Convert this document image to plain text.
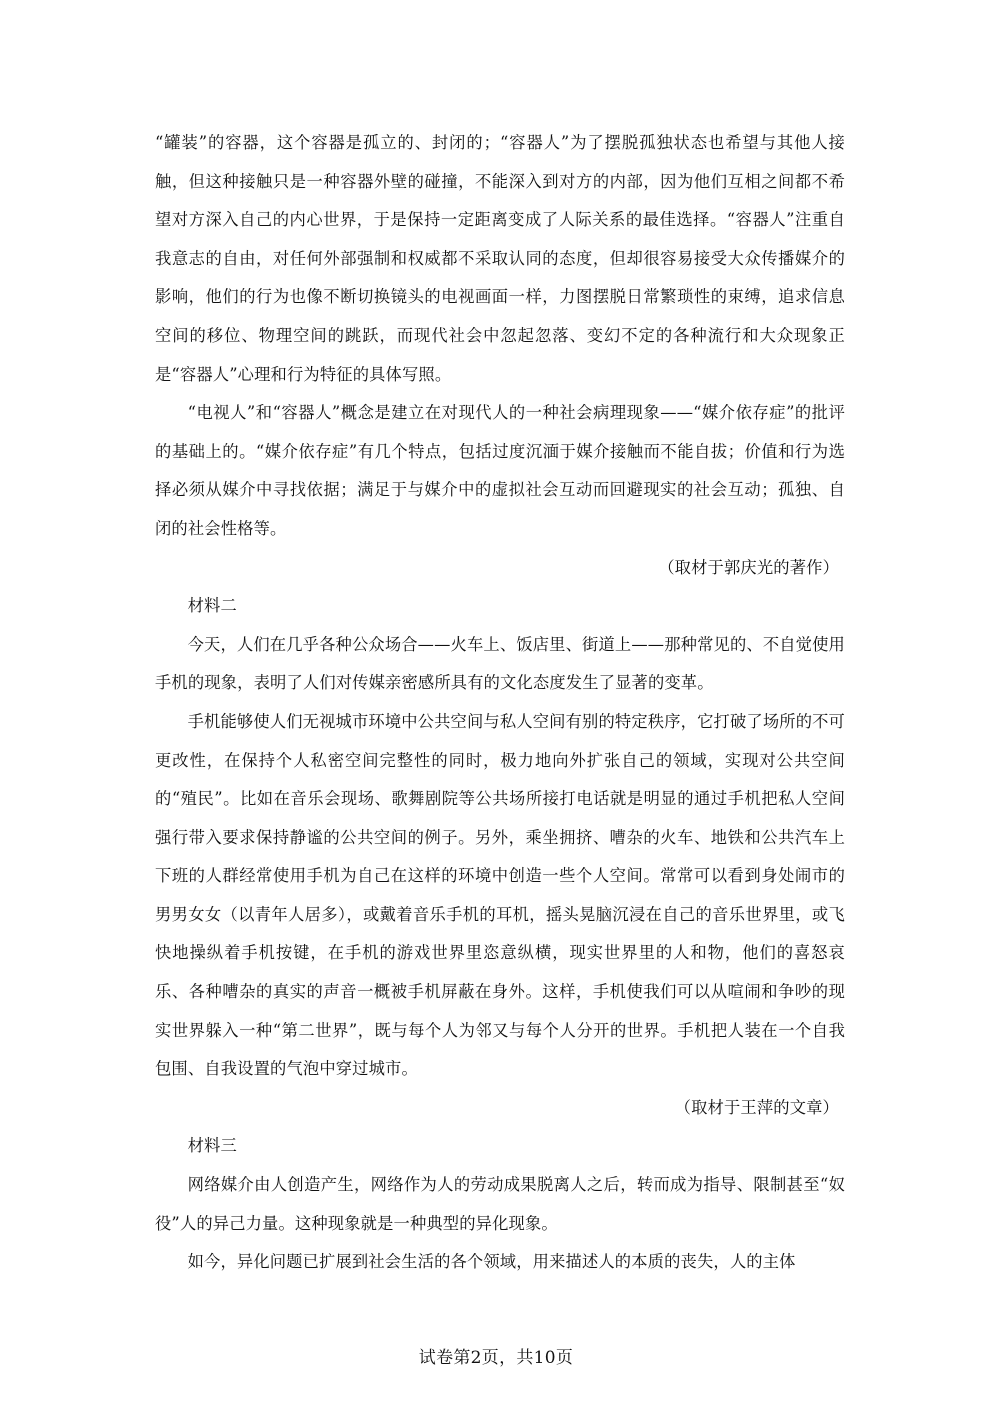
“罐装”的容器，这个容器是孤立的、封闭的；“容器人”为了摆脱孤独状态也希望与其他人接触，但这种接触只是一种容器外壁的碰撞，不能深入到对方的内部，因为他们互相之间都不希望对方深入自己的内心世界，于是保持一定距离变成了人际关系的最佳选择。“容器人”注重自我意志的自由，对任何外部强制和权威都不采取认同的态度，但却很容易接受大众传播媒介的影响，他们的行为也像不断切换镜头的电视画面一样，力图摆脱日常繁琐性的束缚，追求信息空间的移位、物理空间的跳跃，而现代社会中忽起忽落、变幻不定的各种流行和大众现象正是“容器人”心理和行为特征的具体写照。

“电视人”和“容器人”概念是建立在对现代人的一种社会病理现象——“媒介依存症”的批评的基础上的。“媒介依存症”有几个特点，包括过度沉湎于媒介接触而不能自拔；价值和行为选择必须从媒介中寻找依据；满足于与媒介中的虚拟社会互动而回避现实的社会互动；孤独、自闭的社会性格等。

（取材于郭庆光的著作）

材料二

今天，人们在几乎各种公众场合——火车上、饭店里、街道上——那种常见的、不自觉使用手机的现象，表明了人们对传媒亲密感所具有的文化态度发生了显著的变革。

手机能够使人们无视城市环境中公共空间与私人空间有别的特定秩序，它打破了场所的不可更改性，在保持个人私密空间完整性的同时，极力地向外扩张自己的领域，实现对公共空间的“殖民”。比如在音乐会现场、歌舞剧院等公共场所接打电话就是明显的通过手机把私人空间强行带入要求保持静谧的公共空间的例子。另外，乘坐拥挤、嘈杂的火车、地铁和公共汽车上下班的人群经常使用手机为自己在这样的环境中创造一些个人空间。常常可以看到身处闹市的男男女女（以青年人居多），或戴着音乐手机的耳机，摇头晃脑沉浸在自己的音乐世界里，或飞快地操纵着手机按键，在手机的游戏世界里恣意纵横，现实世界里的人和物，他们的喜怒哀乐、各种嘈杂的真实的声音一概被手机屏蔽在身外。这样，手机使我们可以从喧闹和争吵的现实世界躲入一种“第二世界”，既与每个人为邻又与每个人分开的世界。手机把人装在一个自我包围、自我设置的气泡中穿过城市。

（取材于王萍的文章）

材料三

网络媒介由人创造产生，网络作为人的劳动成果脱离人之后，转而成为指导、限制甚至“奴役”人的异己力量。这种现象就是一种典型的异化现象。

如今，异化问题已扩展到社会生活的各个领域，用来描述人的本质的丧失，人的主体

试卷第2页，共10页
